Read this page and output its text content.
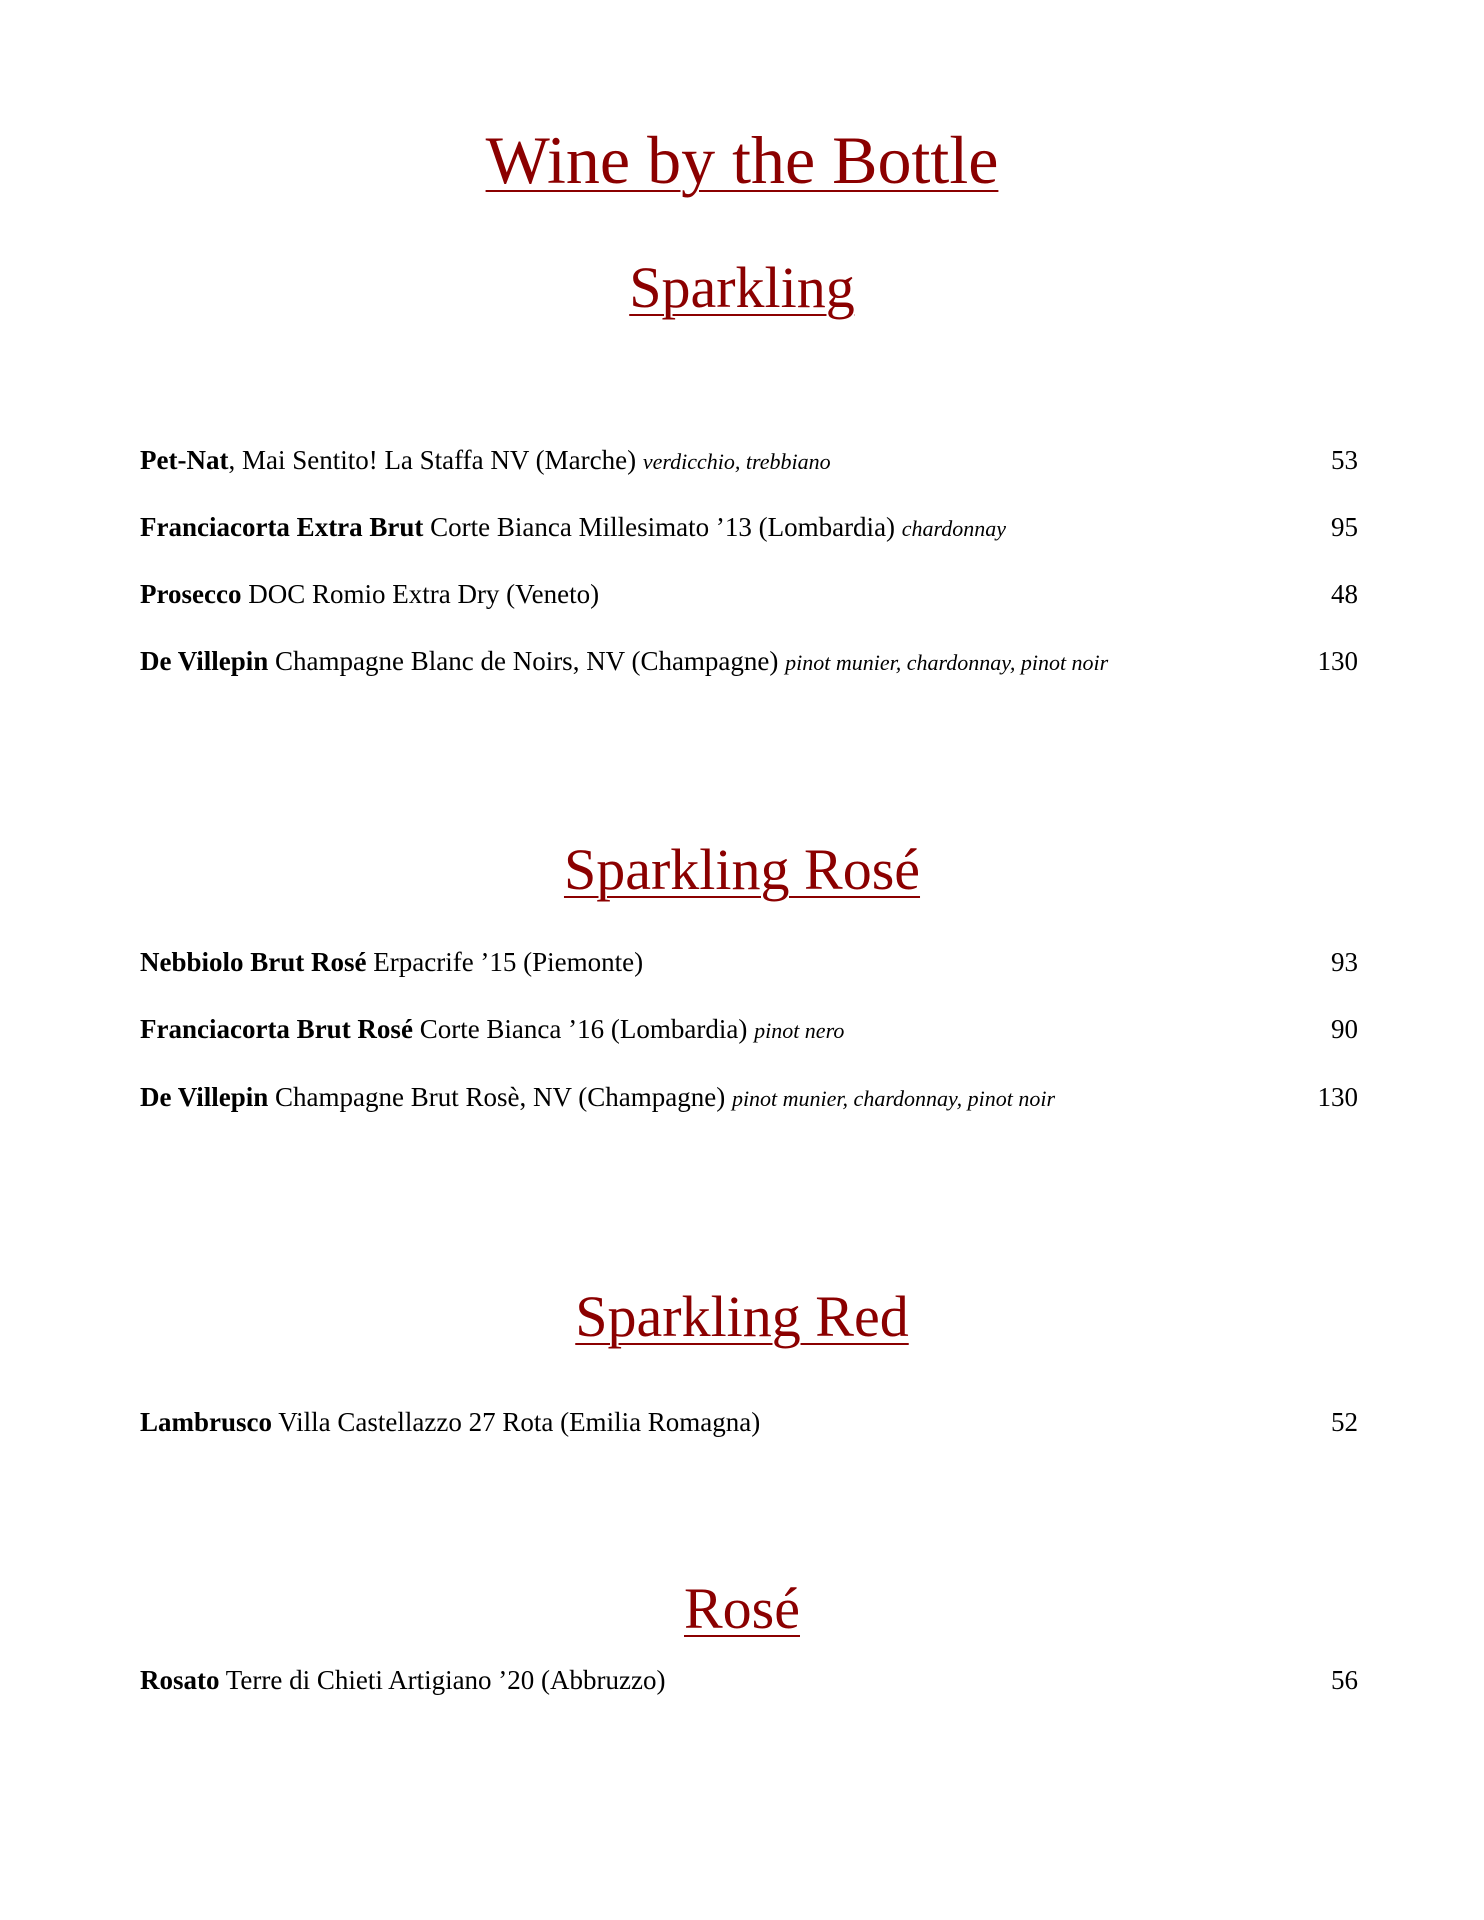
Wine by the Bottle
Sparkling
Pet-Nat, Mai Sentito! La Staffa NV (Marche) verdicchio, trebbiano	53
Franciacorta Extra Brut Corte Bianca Millesimato ’13 (Lombardia) chardonnay	95
Prosecco DOC Romio Extra Dry (Veneto)	48
De Villepin Champagne Blanc de Noirs, NV (Champagne) pinot munier, chardonnay, pinot noir	130
Sparkling Rosé
Nebbiolo Brut Rosé Erpacrife ’15 (Piemonte)	93
Franciacorta Brut Rosé Corte Bianca ’16 (Lombardia) pinot nero	90
De Villepin Champagne Brut Rosè, NV (Champagne) pinot munier, chardonnay, pinot noir	130
Sparkling Red
Lambrusco Villa Castellazzo 27 Rota (Emilia Romagna)	52
Rosé
Rosato Terre di Chieti Artigiano ’20 (Abbruzzo)	56
